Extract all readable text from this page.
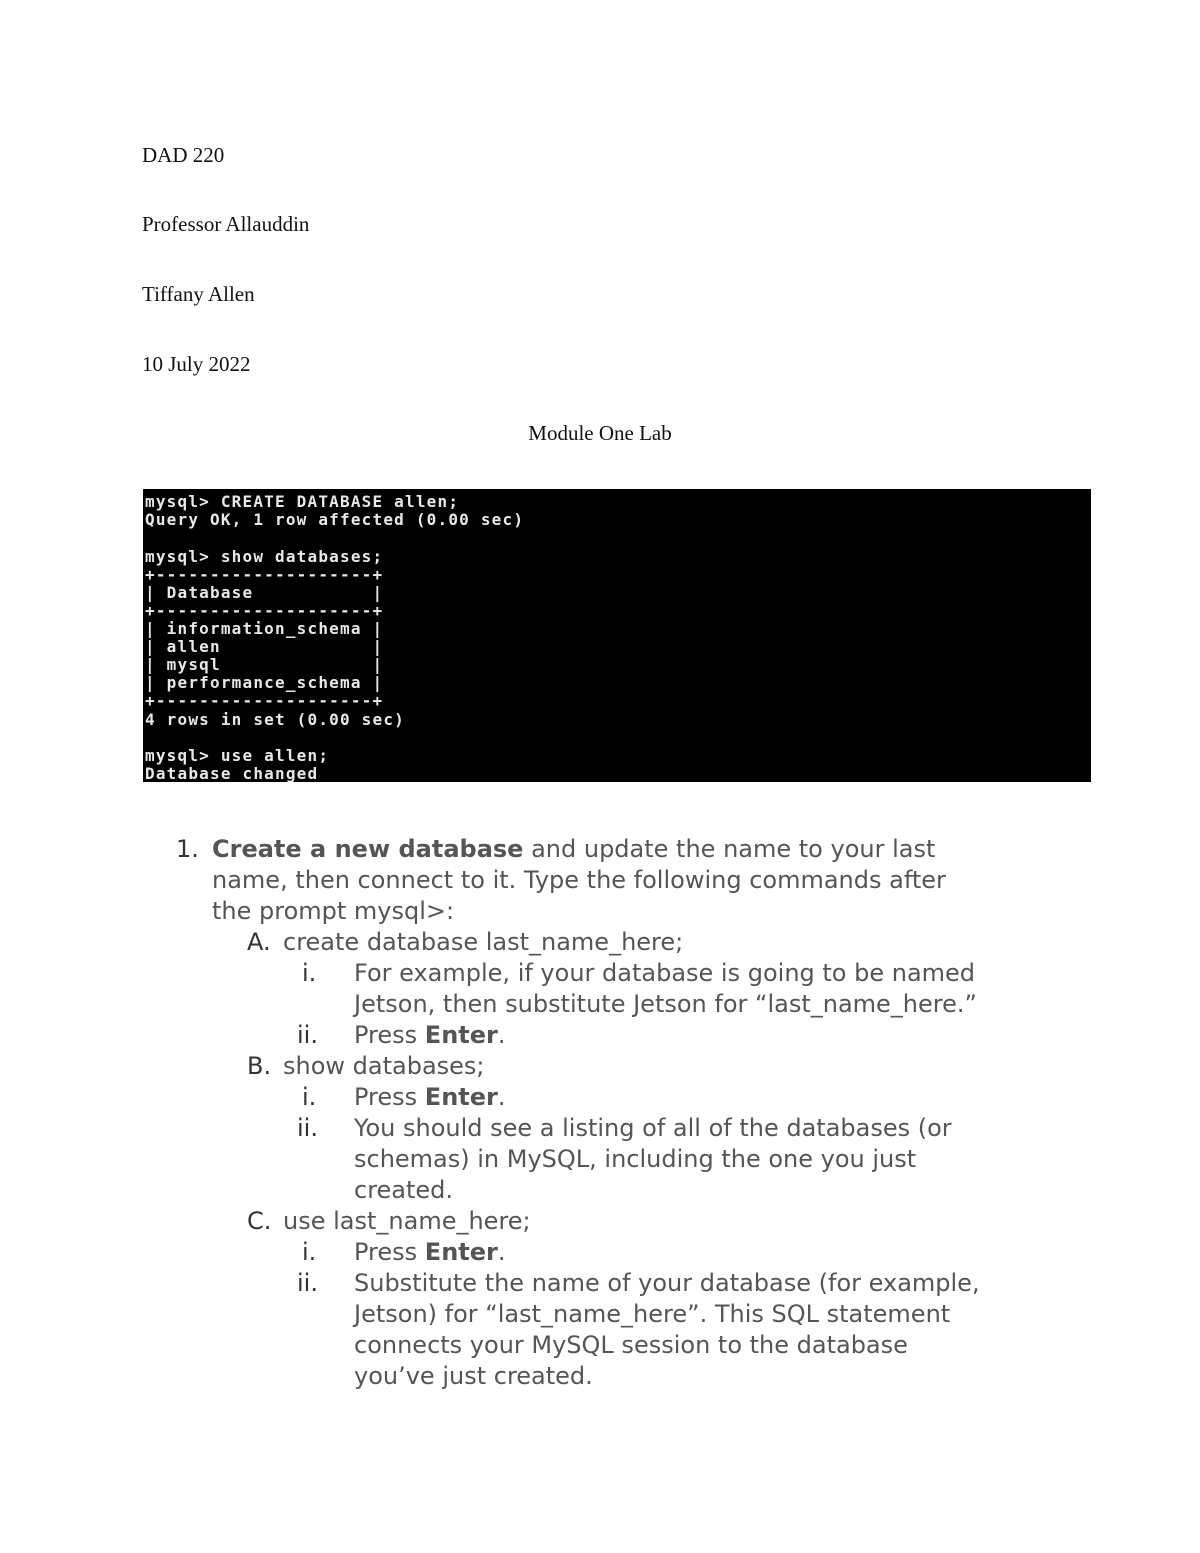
DAD 220

Professor Allauddin

Tiffany Allen

10 July 2022

Module One Lab

mysql> CREATE DATABASE allen;
Query OK, 1 row affected (0.00 sec)
mysql> show databases;
+--------------------+
| Database           |
+--------------------+
| information_schema |
| allen              |
| mysql              |
| performance_schema |
+--------------------+
4 rows in set (0.00 sec)
mysql> use allen;
Database changed
1. Create a new database and update the name to your last
name, then connect to it. Type the following commands after
the prompt mysql>:
A. create database last_name_here;
i. For example, if your database is going to be named
Jetson, then substitute Jetson for “last_name_here.”
ii. Press Enter.
B. show databases;
i. Press Enter.
ii. You should see a listing of all of the databases (or
schemas) in MySQL, including the one you just
created.
C. use last_name_here;
i. Press Enter.
ii. Substitute the name of your database (for example,
Jetson) for “last_name_here”. This SQL statement
connects your MySQL session to the database
you’ve just created.
